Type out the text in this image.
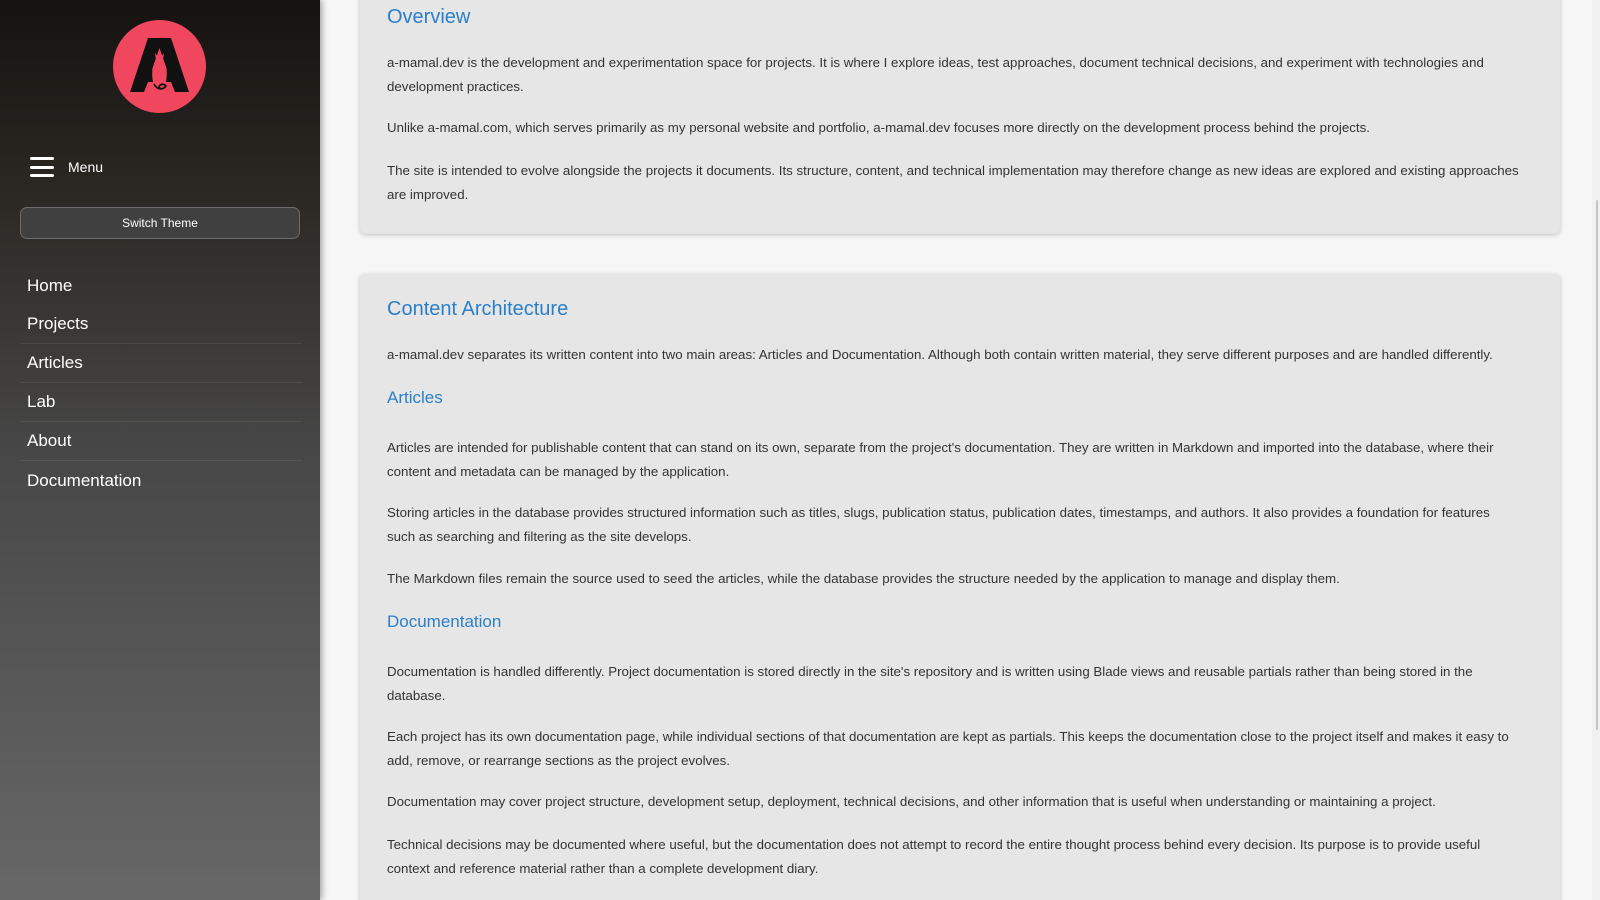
Menu
Switch Theme
Home
Projects
Articles
Lab
About
Documentation
Overview

a-mamal.dev is the development and experimentation space for projects. It is where I explore ideas, test approaches, document technical decisions, and experiment with technologies and development practices.

Unlike a-mamal.com, which serves primarily as my personal website and portfolio, a-mamal.dev focuses more directly on the development process behind the projects.

The site is intended to evolve alongside the projects it documents. Its structure, content, and technical implementation may therefore change as new ideas are explored and existing approaches are improved.

Content Architecture

a-mamal.dev separates its written content into two main areas: Articles and Documentation. Although both contain written material, they serve different purposes and are handled differently.

Articles

Articles are intended for publishable content that can stand on its own, separate from the project's documentation. They are written in Markdown and imported into the database, where their content and metadata can be managed by the application.

Storing articles in the database provides structured information such as titles, slugs, publication status, publication dates, timestamps, and authors. It also provides a foundation for features such as searching and filtering as the site develops.

The Markdown files remain the source used to seed the articles, while the database provides the structure needed by the application to manage and display them.

Documentation

Documentation is handled differently. Project documentation is stored directly in the site's repository and is written using Blade views and reusable partials rather than being stored in the database.

Each project has its own documentation page, while individual sections of that documentation are kept as partials. This keeps the documentation close to the project itself and makes it easy to add, remove, or rearrange sections as the project evolves.

Documentation may cover project structure, development setup, deployment, technical decisions, and other information that is useful when understanding or maintaining a project.

Technical decisions may be documented where useful, but the documentation does not attempt to record the entire thought process behind every decision. Its purpose is to provide useful context and reference material rather than a complete development diary.
